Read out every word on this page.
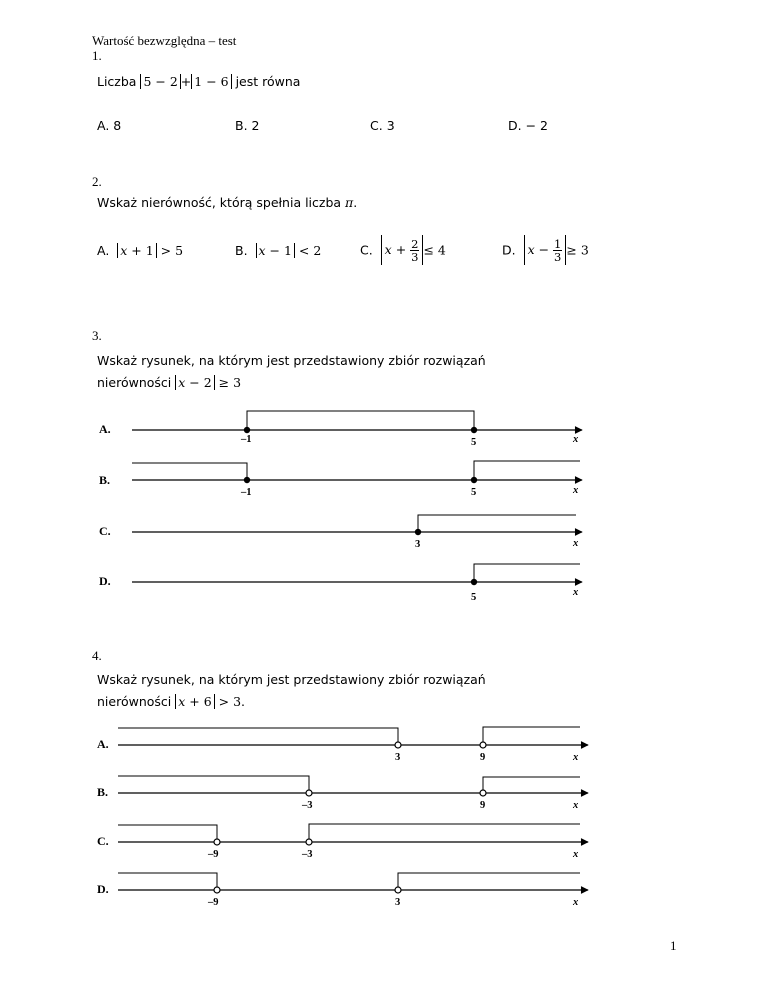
Wartość bezwzględna – test
1.
Liczba 5 − 2 + 1 − 6 jest równa
A. 8	B. 2	C. 3	D. − 2
2.
Wskaż nierówność, którą spełnia liczba π.
A. x + 1 > 5	B. x − 1 < 2	C. $x + \frac{2}{3} \le 4$	D. $x - \frac{1}{3} \ge 3$
3.
Wskaż rysunek, na którym jest przedstawiony zbiór rozwiązań
nierówności x − 2 ≥ 3
A.
B.
C.
D.
–1	5	x
–1	5	x
3	x
5	x
3	9	x
–3	9	x
–9	–3	x
–9	3	x
4.
Wskaż rysunek, na którym jest przedstawiony zbiór rozwiązań
nierówności x + 6 > 3.
A.
B.
C.
D.
1
